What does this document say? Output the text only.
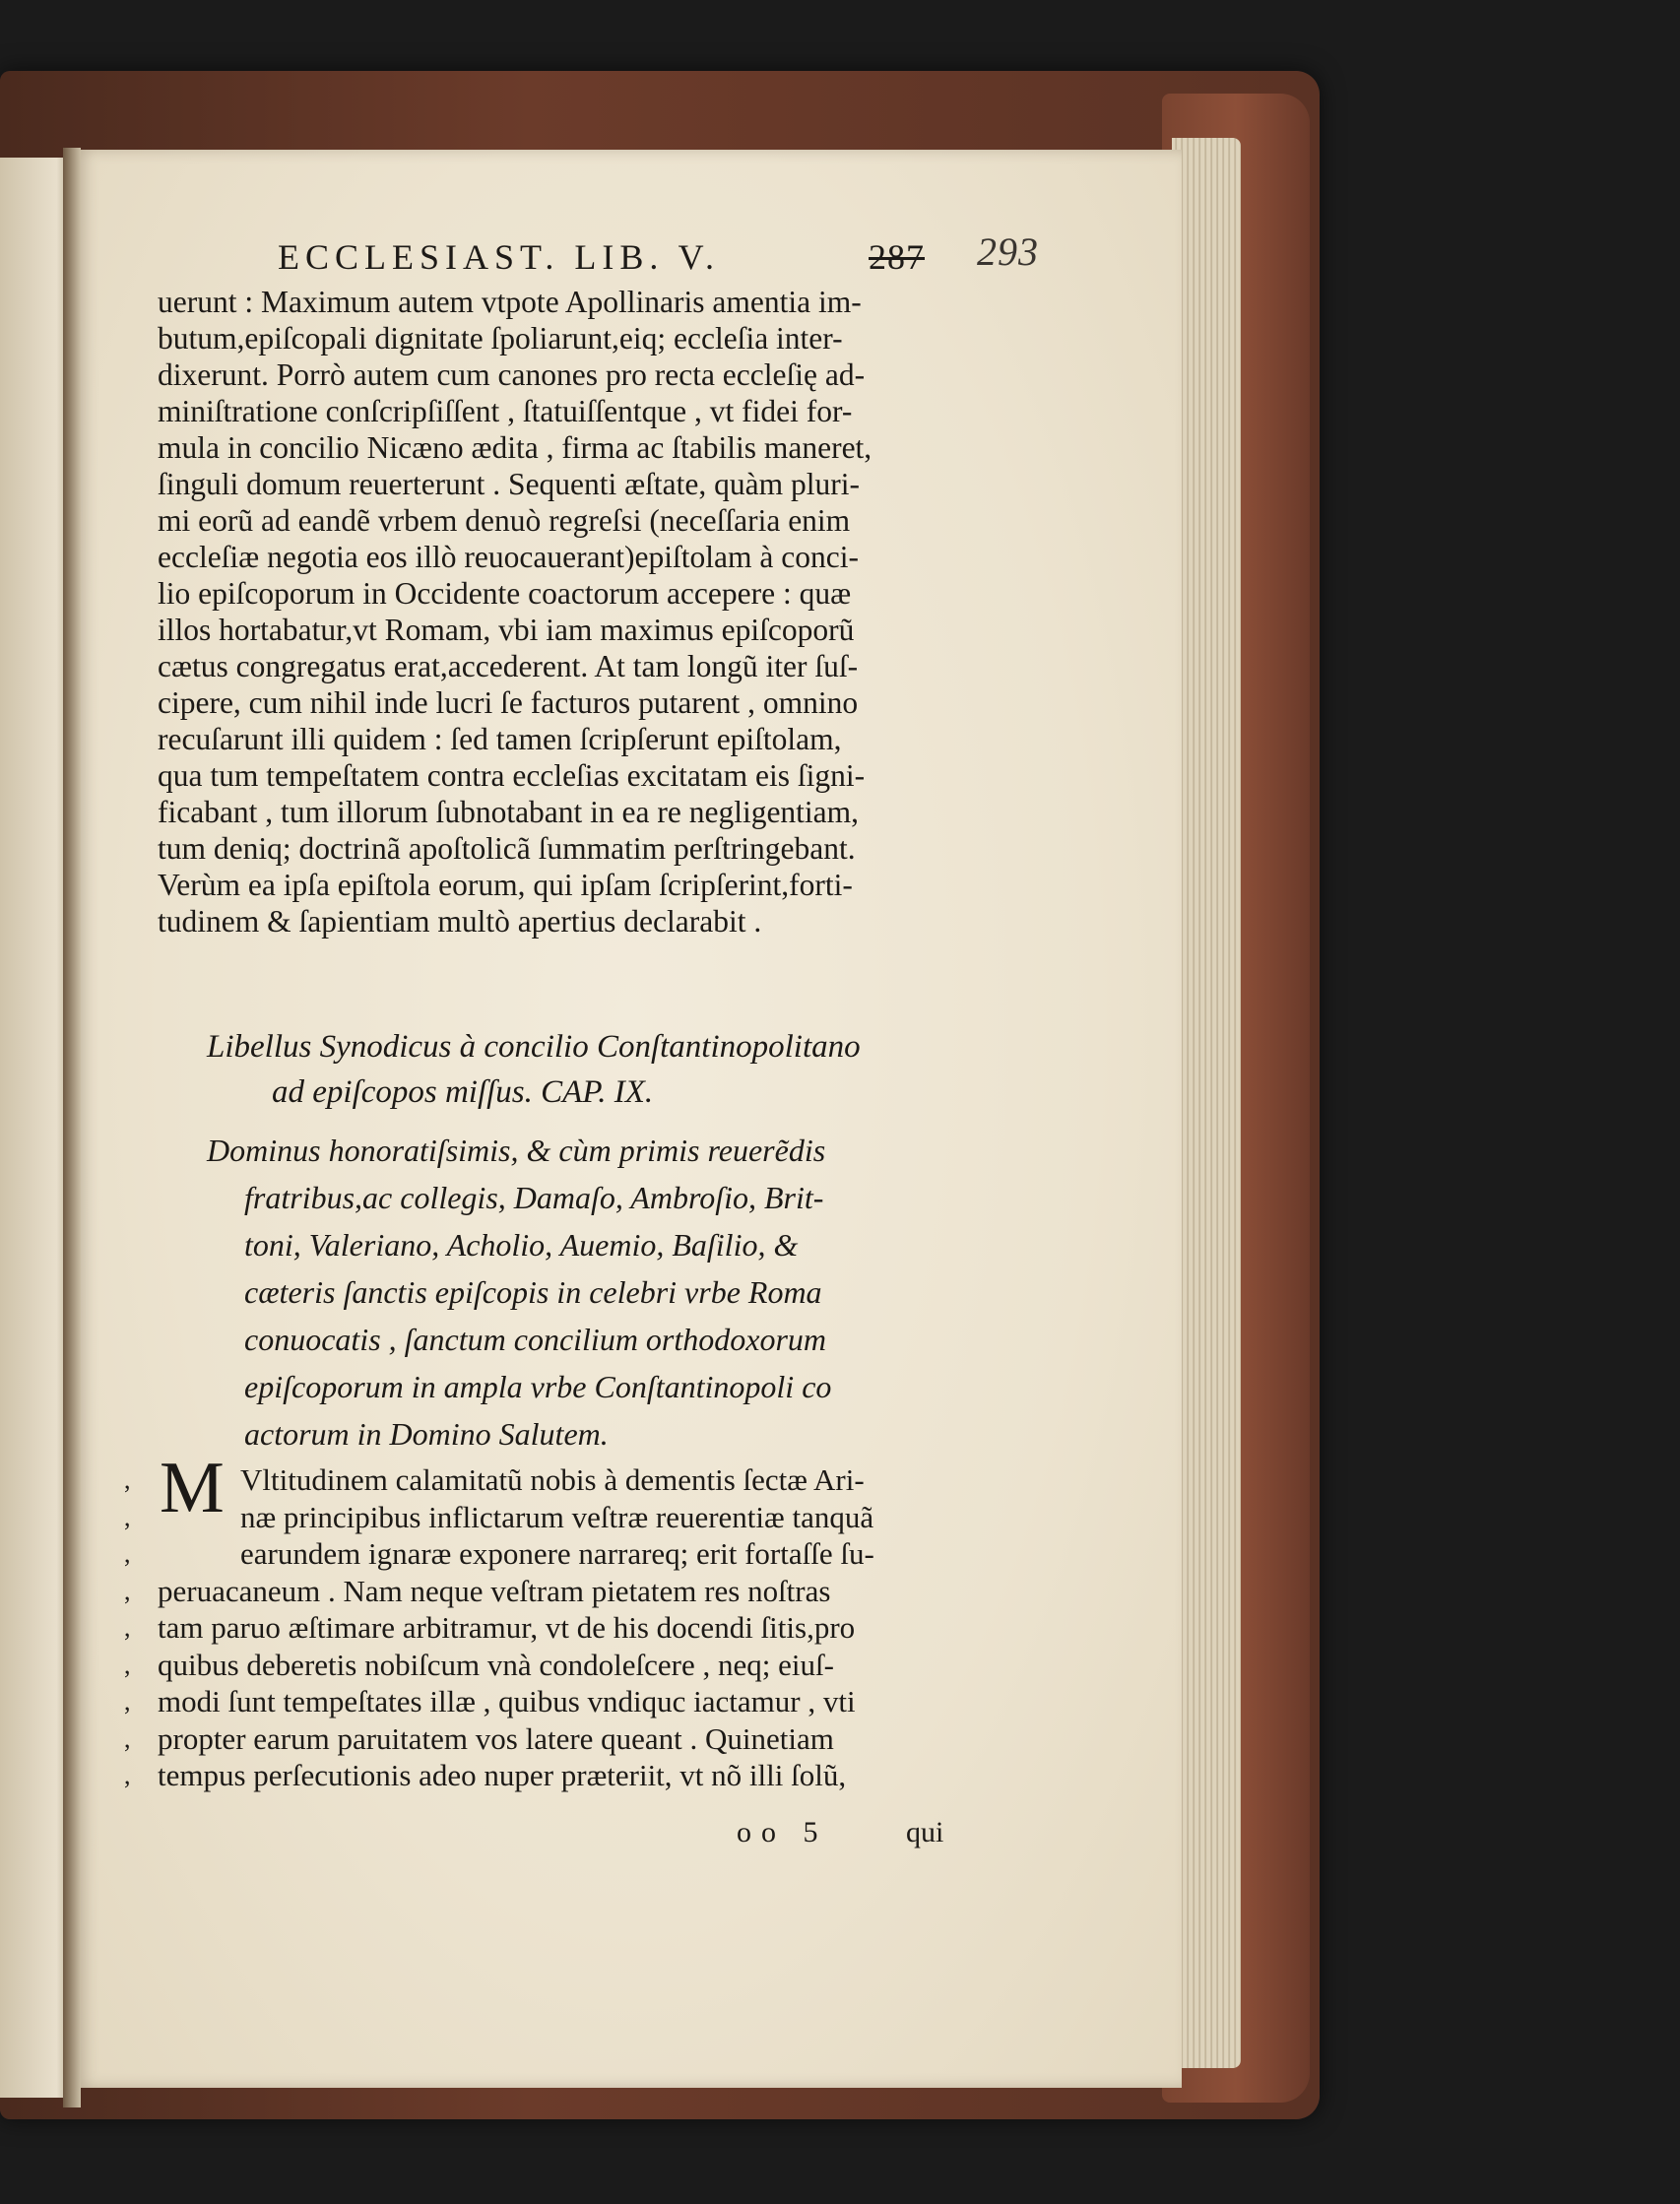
ECCLESIAST. LIB. V.	287 293
uerunt : Maximum autem vtpote Apollinaris amentia im-
butum,epiſcopali dignitate ſpoliarunt,eiq; eccleſia inter-
dixerunt. Porrò autem cum canones pro recta eccleſię ad-
miniſtratione conſcripſiſſent , ſtatuiſſentque , vt fidei for-
mula in concilio Nicæno ædita , firma ac ſtabilis maneret,
ſinguli domum reuerterunt . Sequenti æſtate, quàm pluri-
mi eorũ ad eandẽ vrbem denuò regreſsi (neceſſaria enim
eccleſiæ negotia eos illò reuocauerant)epiſtolam à conci-
lio epiſcoporum in Occidente coactorum accepere : quæ
illos hortabatur,vt Romam, vbi iam maximus epiſcoporũ
cætus congregatus erat,accederent. At tam longũ iter ſuſ-
cipere, cum nihil inde lucri ſe facturos putarent , omnino
recuſarunt illi quidem : ſed tamen ſcripſerunt epiſtolam,
qua tum tempeſtatem contra eccleſias excitatam eis ſigni-
ficabant , tum illorum ſubnotabant in ea re negligentiam,
tum deniq; doctrinã apoſtolicã ſummatim perſtringebant.
Verùm ea ipſa epiſtola eorum, qui ipſam ſcripſerint,forti-
tudinem & ſapientiam multò apertius declarabit .
Libellus Synodicus à concilio Conſtantinopolitano
ad epiſcopos miſſus. CAP. IX.
Dominus honoratiſsimis, & cùm primis reuerẽdis
fratribus,ac collegis, Damaſo, Ambroſio, Brit-
toni, Valeriano, Acholio, Auemio, Baſilio, &
cæteris ſanctis epiſcopis in celebri vrbe Roma
conuocatis , ſanctum concilium orthodoxorum
epiſcoporum in ampla vrbe Conſtantinopoli co
actorum in Domino Salutem.
M
,	Vltitudinem calamitatũ nobis à dementis ſectæ Ari-
,	næ principibus inflictarum veſtræ reuerentiæ tanquã
,	earundem ignaræ exponere narrareq; erit fortaſſe ſu-
, peruacaneum . Nam neque veſtram pietatem res noſtras
, tam paruo æſtimare arbitramur, vt de his docendi ſitis,pro
, quibus deberetis nobiſcum vnà condoleſcere , neq; eiuſ-
, modi ſunt tempeſtates illæ , quibus vndiquc iactamur , vti
, propter earum paruitatem vos latere queant . Quinetiam
, tempus perſecutionis adeo nuper præteriit, vt nõ illi ſolũ,
oo 5	qui
